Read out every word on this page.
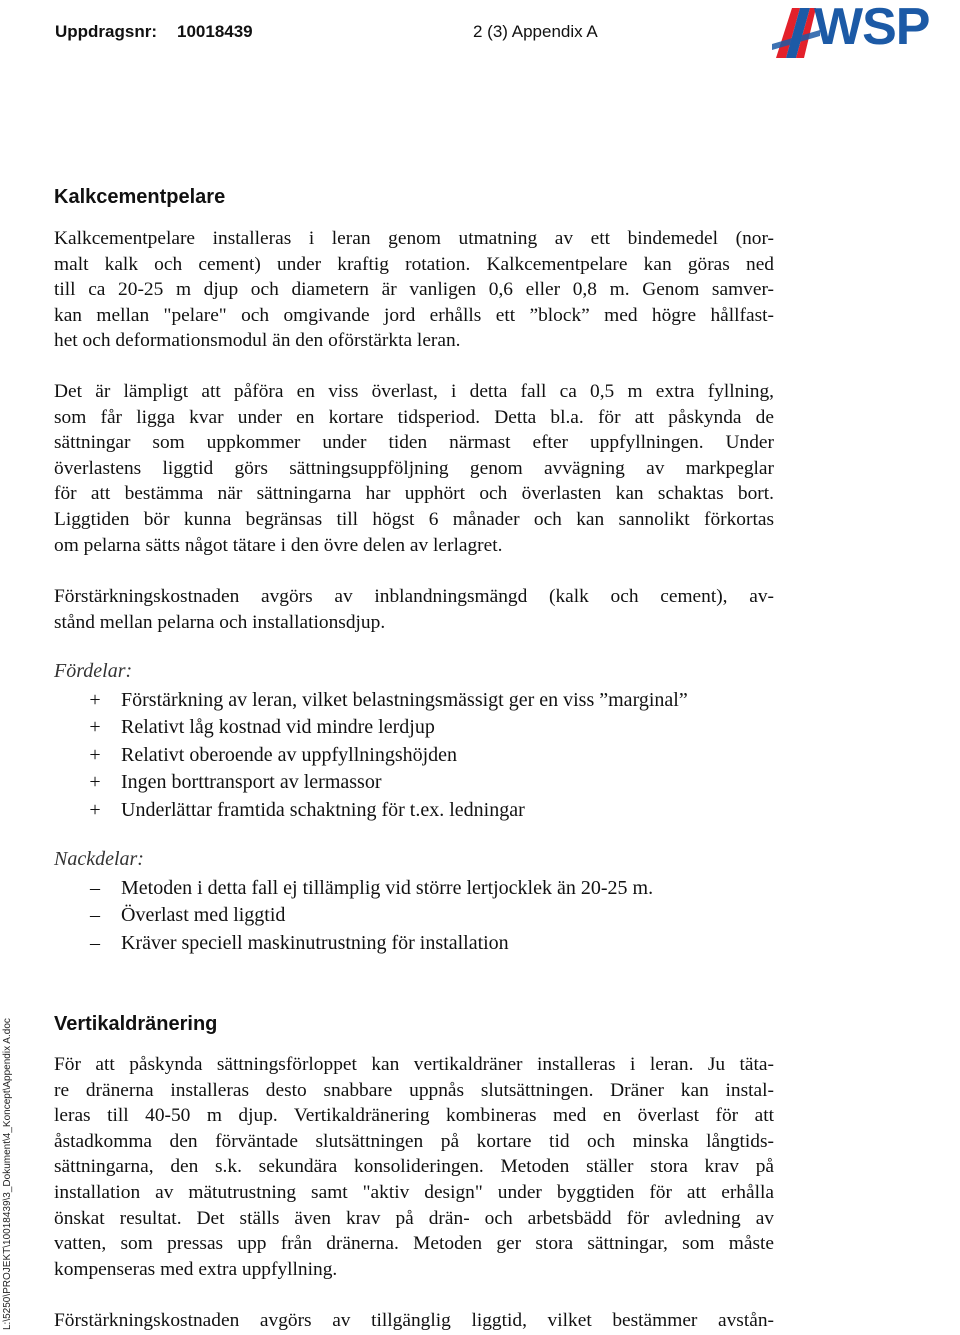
Uppdragsnr: 10018439	2 (3) Appendix A	WSP
L:\5250\PROJEKT\10018439\3_Dokument\4_Koncept\Appendix A.doc
Kalkcementpelare
Kalkcementpelare installeras i leran genom utmatning av ett bindemedel (nor-
malt kalk och cement) under kraftig rotation. Kalkcementpelare kan göras ned
till ca 20-25 m djup och diametern är vanligen 0,6 eller 0,8 m. Genom samver-
kan mellan "pelare" och omgivande jord erhålls ett ”block” med högre hållfast-
het och deformationsmodul än den oförstärkta leran.
Det är lämpligt att påföra en viss överlast, i detta fall ca 0,5 m extra fyllning,
som får ligga kvar under en kortare tidsperiod. Detta bl.a. för att påskynda de
sättningar som uppkommer under tiden närmast efter uppfyllningen. Under
överlastens liggtid görs sättningsuppföljning genom avvägning av markpeglar
för att bestämma när sättningarna har upphört och överlasten kan schaktas bort.
Liggtiden bör kunna begränsas till högst 6 månader och kan sannolikt förkortas
om pelarna sätts något tätare i den övre delen av lerlagret.
Förstärkningskostnaden avgörs av inblandningsmängd (kalk och cement), av-
stånd mellan pelarna och installationsdjup.

Fördelar:

+ Förstärkning av leran, vilket belastningsmässigt ger en viss ”marginal”
+ Relativt låg kostnad vid mindre lerdjup
+ Relativt oberoende av uppfyllningshöjden
+ Ingen borttransport av lermassor
+ Underlättar framtida schaktning för t.ex. ledningar

Nackdelar:

– Metoden i detta fall ej tillämplig vid större lertjocklek än 20-25 m.
– Överlast med liggtid
– Kräver speciell maskinutrustning för installation
Vertikaldränering
För att påskynda sättningsförloppet kan vertikaldräner installeras i leran. Ju täta-
re dränerna installeras desto snabbare uppnås slutsättningen. Dräner kan instal-
leras till 40-50 m djup. Vertikaldränering kombineras med en överlast för att
åstadkomma den förväntade slutsättningen på kortare tid och minska långtids-
sättningarna, den s.k. sekundära konsolideringen. Metoden ställer stora krav på
installation av mätutrustning samt "aktiv design" under byggtiden för att erhålla
önskat resultat. Det ställs även krav på drän- och arbetsbädd för avledning av
vatten, som pressas upp från dränerna. Metoden ger stora sättningar, som måste
kompenseras med extra uppfyllning.
Förstärkningskostnaden avgörs av tillgänglig liggtid, vilket bestämmer avstån-
